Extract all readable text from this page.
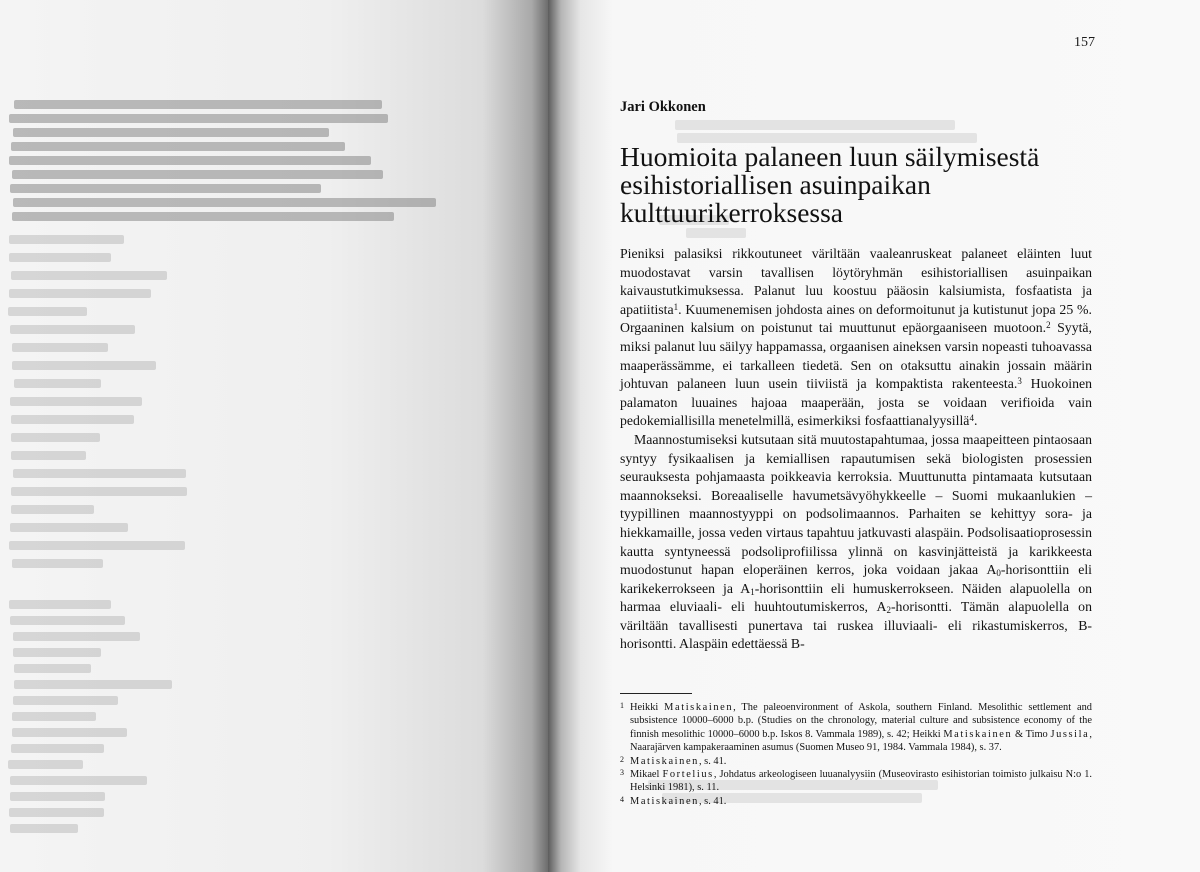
157
Jari Okkonen
Huomioita palaneen luun säilymisestä esihistoriallisen asuinpaikan kulttuurikerroksessa

Pieniksi palasiksi rikkoutuneet väriltään vaaleanruskeat palaneet eläinten luut muodostavat varsin tavallisen löytöryhmän esihistoriallisen asuinpaikan kaivaustutkimuksessa. Palanut luu koostuu pääosin kalsiumista, fosfaatista ja apatiitista$^1$. Kuumenemisen johdosta aines on deformoitunut ja kutistunut jopa 25 %. Orgaaninen kalsium on poistunut tai muuttunut epäorgaaniseen muotoon.$^2$ Syytä, miksi palanut luu säilyy happamassa, orgaanisen aineksen varsin nopeasti tuhoavassa maaperässämme, ei tarkalleen tiedetä. Sen on otaksuttu ainakin jossain määrin johtuvan palaneen luun usein tiiviistä ja kompaktista rakenteesta.$^3$ Huokoinen palamaton luuaines hajoaa maaperään, josta se voidaan verifioida vain pedokemiallisilla menetelmillä, esimerkiksi fosfaattianalyysillä$^4$.

Maannostumiseksi kutsutaan sitä muutostapahtumaa, jossa maapeitteen pintaosaan syntyy fysikaalisen ja kemiallisen rapautumisen sekä biologisten prosessien seurauksesta pohjamaasta poikkeavia kerroksia. Muuttunutta pintamaata kutsutaan maannokseksi. Boreaaliselle havumetsävyöhykkeelle – Suomi mukaanlukien – tyypillinen maannostyyppi on podsolimaannos. Parhaiten se kehittyy sora- ja hiekkamaille, jossa veden virtaus tapahtuu jatkuvasti alaspäin. Podsolisaatioprosessin kautta syntyneessä podsoliprofiilissa ylinnä on kasvinjätteistä ja karikkeesta muodostunut hapan eloperäinen kerros, joka voidaan jakaa $A_0$-horisonttiin eli karikekerrokseen ja $A_1$-horisonttiin eli humuskerrokseen. Näiden alapuolella on harmaa eluviaali- eli huuhtoutumiskerros, $A_2$-horisontti. Tämän alapuolella on väriltään tavallisesti punertava tai ruskea illuviaali- eli rikastumiskerros, B-horisontti. Alaspäin edettäessä B-

1 Heikki Matiskainen, The paleoenvironment of Askola, southern Finland. Mesolithic settlement and subsistence 10000–6000 b.p. (Studies on the chronology, material culture and subsistence economy of the finnish mesolithic 10000–6000 b.p. Iskos 8. Vammala 1989), s. 42; Heikki Matiskainen & Timo Jussila, Naarajärven kampakeraaminen asumus (Suomen Museo 91, 1984. Vammala 1984), s. 37.
2 Matiskainen, s. 41.
3 Mikael Fortelius, Johdatus arkeologiseen luuanalyysiin (Museovirasto esihistorian toimisto julkaisu N:o 1. Helsinki 1981), s. 11.
4 Matiskainen, s. 41.
